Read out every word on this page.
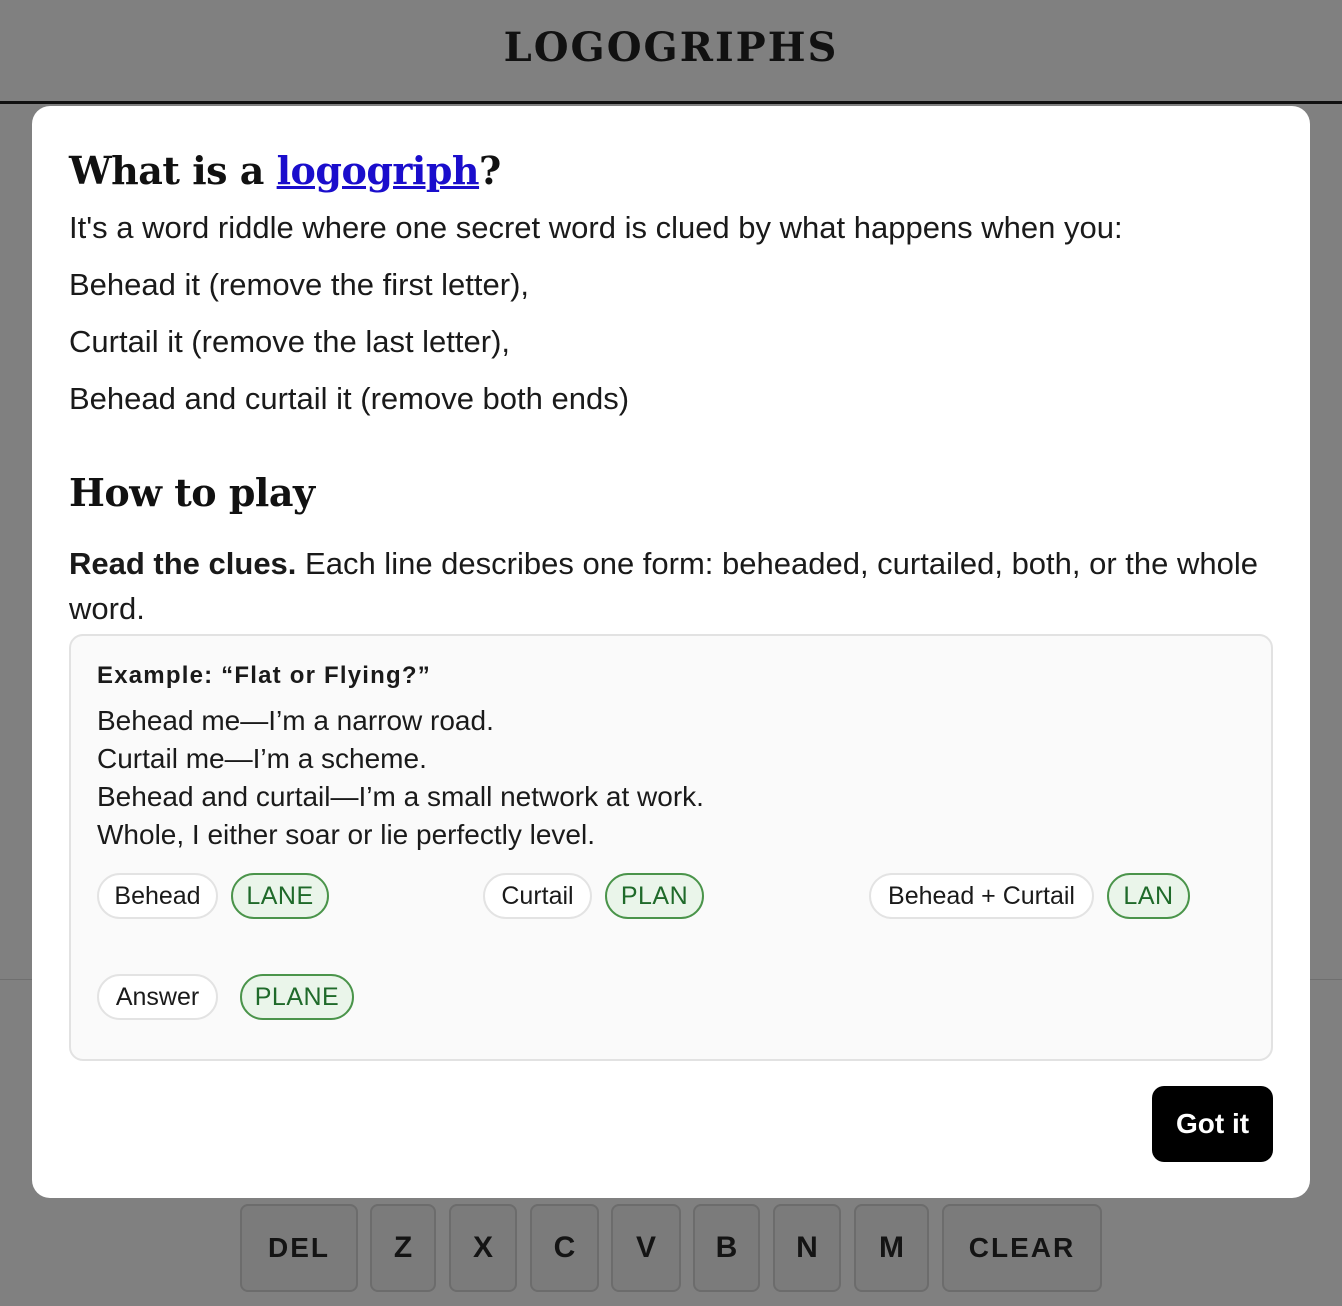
LOGOGRIPHS
DEL	Z	X	C	V	B	N	M	CLEAR
What is a logogriph?

It's a word riddle where one secret word is clued by what happens when you:

Behead it (remove the first letter),

Curtail it (remove the last letter),

Behead and curtail it (remove both ends)

How to play

Read the clues. Each line describes one form: beheaded, curtailed, both, or the whole word.

Example: “Flat or Flying?”
Behead me—I’m a narrow road.
Curtail me—I’m a scheme.
Behead and curtail—I’m a small network at work.
Whole, I either soar or lie perfectly level.
Behead	LANE	Curtail	PLAN	Behead + Curtail	LAN
Answer	PLANE
Got it
